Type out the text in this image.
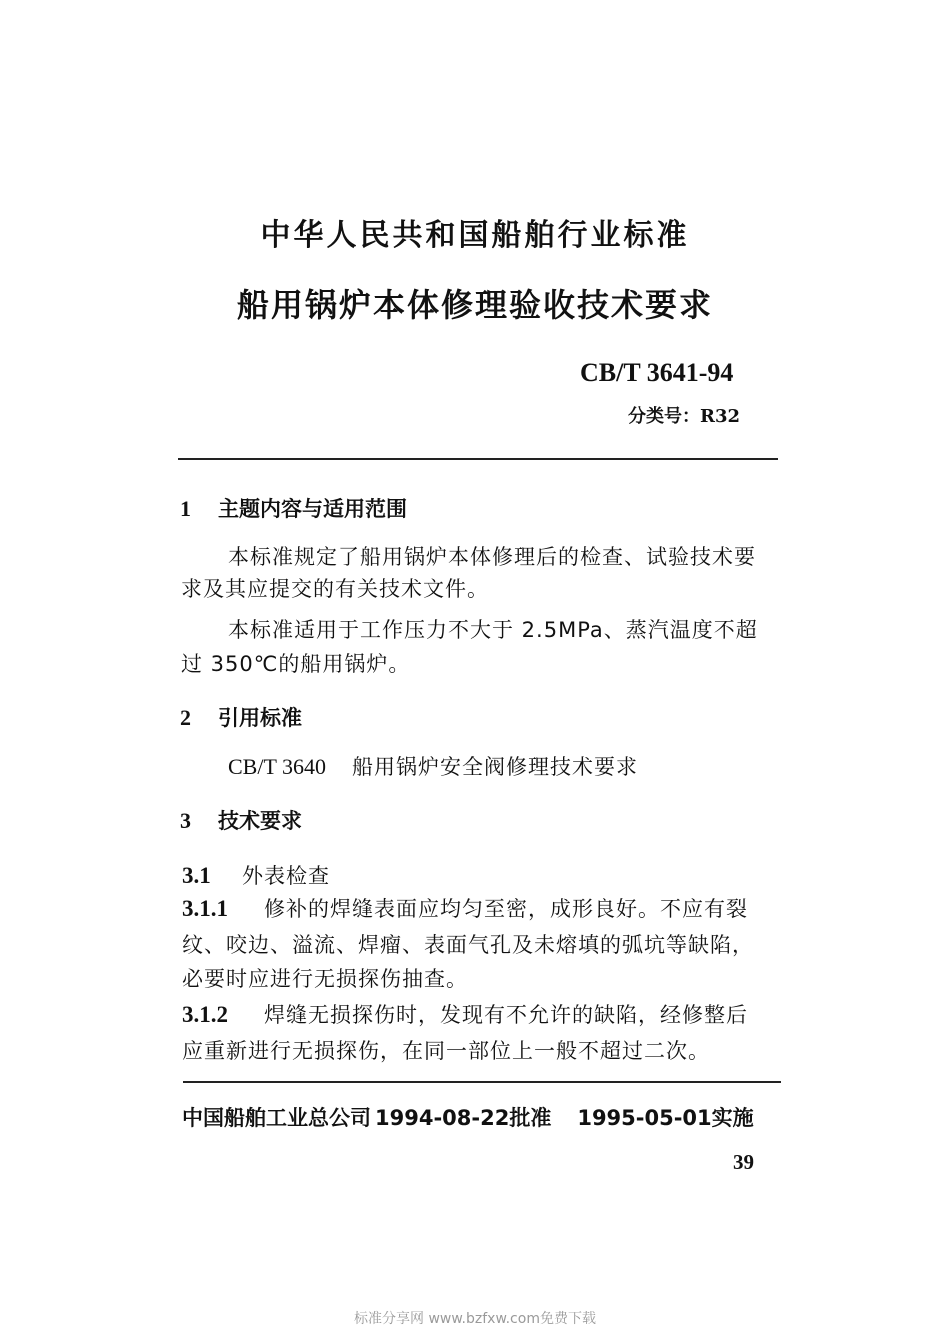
中华人民共和国船舶行业标准
船用锅炉本体修理验收技术要求
CB/T 3641-94
分类号：R32
1 主题内容与适用范围
本标准规定了船用锅炉本体修理后的检查、试验技术要
求及其应提交的有关技术文件。
本标准适用于工作压力不大于 2.5MPa、蒸汽温度不超
过 350℃的船用锅炉。
2 引用标准
CB/T 3640 船用锅炉安全阀修理技术要求
3 技术要求
3.1 外表检查
3.1.1 修补的焊缝表面应均匀至密，成形良好。不应有裂
纹、咬边、溢流、焊瘤、表面气孔及未熔填的弧坑等缺陷，
必要时应进行无损探伤抽查。
3.1.2 焊缝无损探伤时，发现有不允许的缺陷，经修整后
应重新进行无损探伤，在同一部位上一般不超过二次。
中国船舶工业总公司 1994-08-22批准 1995-05-01实施
39
标准分享网 www.bzfxw.com免费下载
